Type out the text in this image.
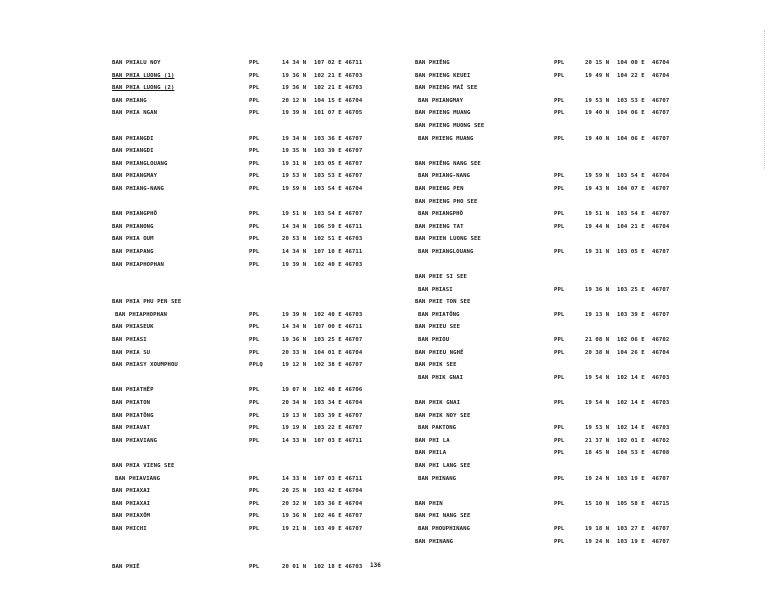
BAN PHIALU NOY	PPL	14 34 N 107 02 E 46711
BAN PHIA LUONG (1)	PPL	19 36 N 102 21 E 46703
BAN PHIA LUONG (2)	PPL	19 36 N 102 21 E 46703
BAN PHIANG	PPL	20 12 N 104 15 E 46704
BAN PHIA NGAN	PPL	19 39 N 101 07 E 46705
BAN PHIANGDI	PPL	19 34 N 103 36 E 46707
BAN PHIANGDI	PPL	19 35 N 103 39 E 46707
BAN PHIANGLOUANG	PPL	19 31 N 103 05 E 46707
BAN PHIANGMAY	PPL	19 53 N 103 53 E 46707
BAN PHIANG-NANG	PPL	19 59 N 103 54 E 46704
BAN PHIANGPHÔ	PPL	19 51 N 103 54 E 46707
BAN PHIANONG	PPL	14 34 N 106 59 E 46711
BAN PHIA OUM	PPL	20 53 N 102 51 E 46703
BAN PHIAPANG	PPL	14 34 N 107 10 E 46711
BAN PHIAPHOPHAN	PPL	19 39 N 102 40 E 46703
BAN PHIA PHU PEN SEE
BAN PHIAPHOPHAN	PPL	19 39 N 102 40 E 46703
BAN PHIASEUK	PPL	14 34 N 107 00 E 46711
BAN PHIASI	PPL	19 36 N 103 25 E 46707
BAN PHIA SU	PPL	20 33 N 104 01 E 46704
BAN PHIASY XOUMPHOU	PPLQ	19 12 N 102 38 E 46707
BAN PHIATHÊP	PPL	19 07 N 102 40 E 46706
BAN PHIATON	PPL	20 34 N 103 34 E 46704
BAN PHIATÔNG	PPL	19 13 N 103 39 E 46707
BAN PHIAVAT	PPL	19 19 N 103 22 E 46707
BAN PHIAVIANG	PPL	14 33 N 107 03 E 46711
BAN PHIA VIENG SEE
BAN PHIAVIANG	PPL	14 33 N 107 03 E 46711
BAN PHIAXAI	PPL	20 25 N 103 42 E 46704
BAN PHIAXAI	PPL	20 32 N 103 36 E 46704
BAN PHIAXÔM	PPL	19 36 N 102 46 E 46707
BAN PHICHI	PPL	19 21 N 103 49 E 46707
BAN PHIÊ	PPL	20 01 N 102 18 E 46703
BAN PHIÊNG	PPL	20 15 N 104 00 E 46704
BAN PHIENG KEUEI	PPL	19 49 N 104 22 E 46704
BAN PHIENG MAÏ SEE
BAN PHIANGMAY	PPL	19 53 N 103 53 E 46707
BAN PHIENG MUANG	PPL	19 40 N 104 06 E 46707
BAN PHIENG MUONG SEE
BAN PHIENG MUANG	PPL	19 40 N 104 06 E 46707
BAN PHIÊNG NANG SEE
BAN PHIANG-NANG	PPL	19 59 N 103 54 E 46704
BAN PHIENG PEN	PPL	19 43 N 104 07 E 46707
BAN PHIENG PHO SEE
BAN PHIANGPHÔ	PPL	19 51 N 103 54 E 46707
BAN PHIENG TAT	PPL	19 44 N 104 21 E 46704
BAN PHIEN LUONG SEE
BAN PHIANGLOUANG	PPL	19 31 N 103 05 E 46707
BAN PHIE SI SEE
BAN PHIASI	PPL	19 36 N 103 25 E 46707
BAN PHIE TON SEE
BAN PHIATÔNG	PPL	19 13 N 103 39 E 46707
BAN PHIEU SEE
BAN PHIOU	PPL	21 08 N 102 06 E 46702
BAN PHIEU NGHÊ	PPL	20 38 N 104 26 E 46704
BAN PHIK SEE
BAN PHIK GNAI	PPL	19 54 N 102 14 E 46703
BAN PHIK GNAI	PPL	19 54 N 102 14 E 46703
BAN PHIK NOY SEE
BAN PAKTONG	PPL	19 53 N 102 14 E 46703
BAN PHI LA	PPL	21 37 N 102 01 E 46702
BAN PHILA	PPL	18 45 N 104 53 E 46708
BAN PHI LANG SEE
BAN PHINANG	PPL	19 24 N 103 19 E 46707
BAN PHIN	PPL	15 10 N 105 58 E 46715
BAN PHI NANG SEE
BAN PHOUPHINANG	PPL	19 18 N 103 27 E 46707
BAN PHINANG	PPL	19 24 N 103 19 E 46707
136
